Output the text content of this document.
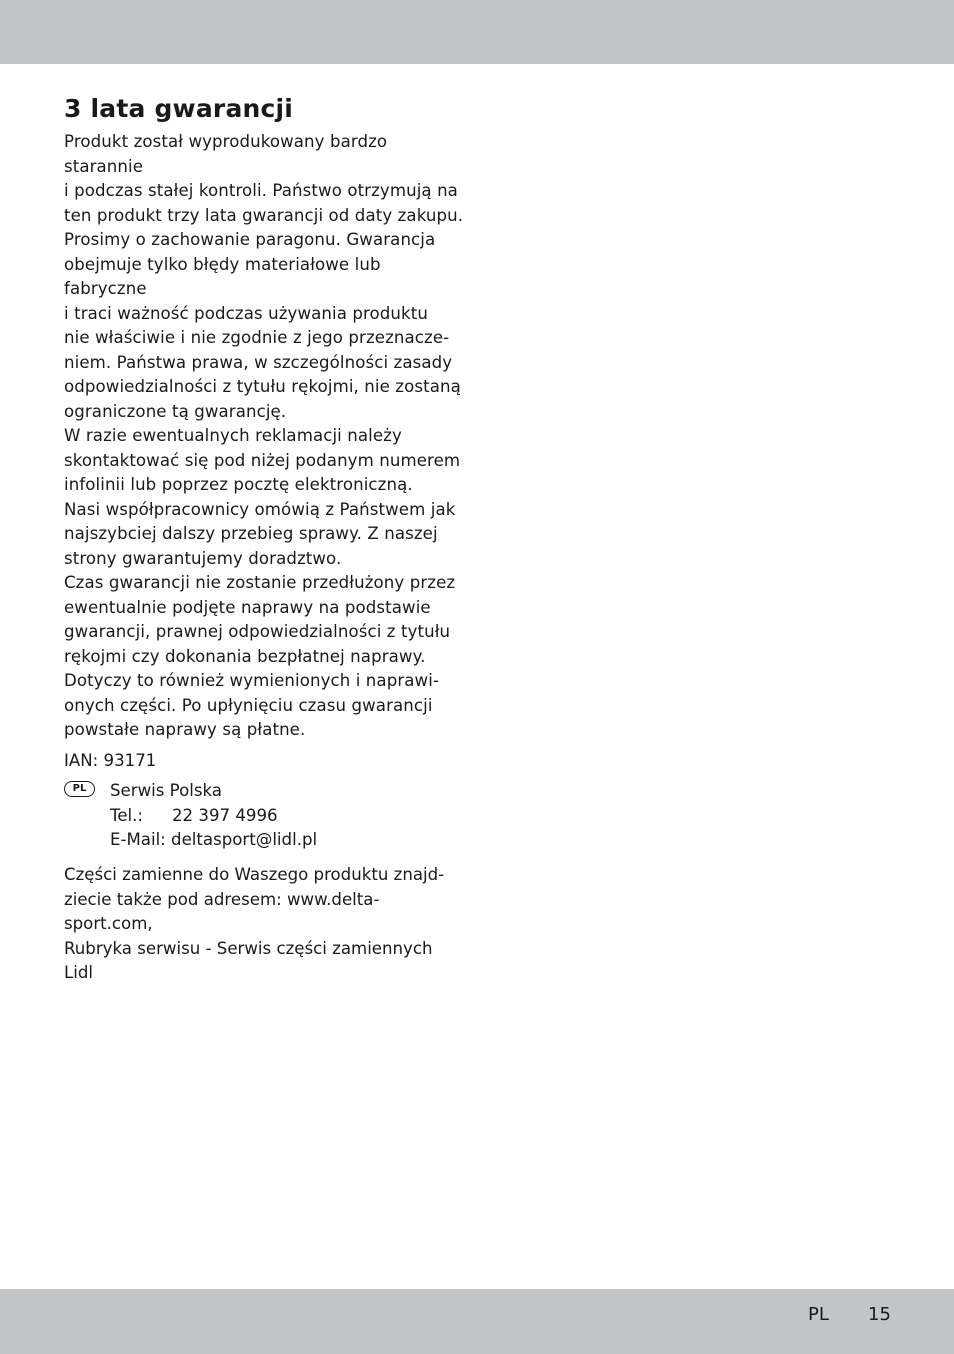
3 lata gwarancji

Produkt został wyprodukowany bardzo starannie
i podczas stałej kontroli. Państwo otrzymują na
ten produkt trzy lata gwarancji od daty zakupu.
Prosimy o zachowanie paragonu. Gwarancja
obejmuje tylko błędy materiałowe lub fabryczne
i traci ważność podczas używania produktu
nie właściwie i nie zgodnie z jego przeznacze-
niem. Państwa prawa, w szczególności zasady
odpowiedzialności z tytułu rękojmi, nie zostaną
ograniczone tą gwarancję.
W razie ewentualnych reklamacji należy
skontaktować się pod niżej podanym numerem
infolinii lub poprzez pocztę elektroniczną.
Nasi współpracownicy omówią z Państwem jak
najszybciej dalszy przebieg sprawy. Z naszej
strony gwarantujemy doradztwo.
Czas gwarancji nie zostanie przedłużony przez
ewentualnie podjęte naprawy na podstawie
gwarancji, prawnej odpowiedzialności z tytułu
rękojmi czy dokonania bezpłatnej naprawy.
Dotyczy to również wymienionych i naprawi-
onych części. Po upłynięciu czasu gwarancji
powstałe naprawy są płatne.

IAN: 93171

PL	Serwis Polska
Tel.: 22 397 4996
E-Mail: deltasport@lidl.pl

Części zamienne do Waszego produktu znajd-
ziecie także pod adresem: www.delta-sport.com,
Rubryka serwisu - Serwis części zamiennych Lidl

PL 15
